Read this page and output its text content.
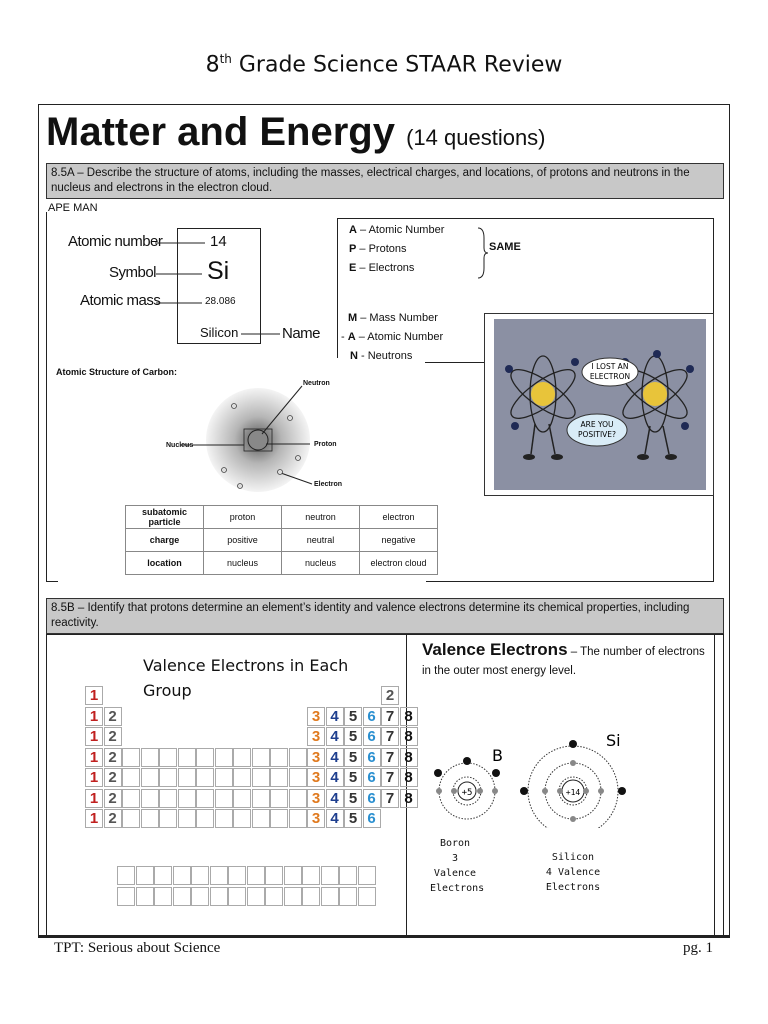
8th Grade Science STAAR Review
Matter and Energy (14 questions)
8.5A – Describe the structure of atoms, including the masses, electrical charges, and locations, of protons and neutrons in the nucleus and electrons in the electron cloud.
APE MAN
Atomic number
Symbol
Atomic mass
14
Si
28.086
Silicon	Name
A – Atomic Number
P – Protons
E – Electrons
SAME
M – Mass Number
- A – Atomic Number
N - Neutrons
I LOST AN
ELECTRON
ARE YOU
POSITIVE?
Atomic Structure of Carbon:
Neutron
Nucleus	Proton
Electron
subatomic particle	proton	neutron	electron
charge	positive	neutral	negative
location	nucleus	nucleus	electron cloud
8.5B – Identify that protons determine an element’s identity and valence electrons determine its chemical properties, including reactivity.
Valence Electrons in Each
Group
1	2
1 2	3 4 5 6 7 8
1 2	3 4 5 6 7 8
1 2	3 4 5 6 7 8
1 2	3 4 5 6 7 8
1 2	3 4 5 6 7 8
1 2	3 4 5 6
Valence Electrons – The number of electrons in the outer most energy level.
+5	+14
B
Si
Boron
3 Valence
Electrons
Silicon
4 Valence
Electrons
TPT: Serious about Science	pg. 1
